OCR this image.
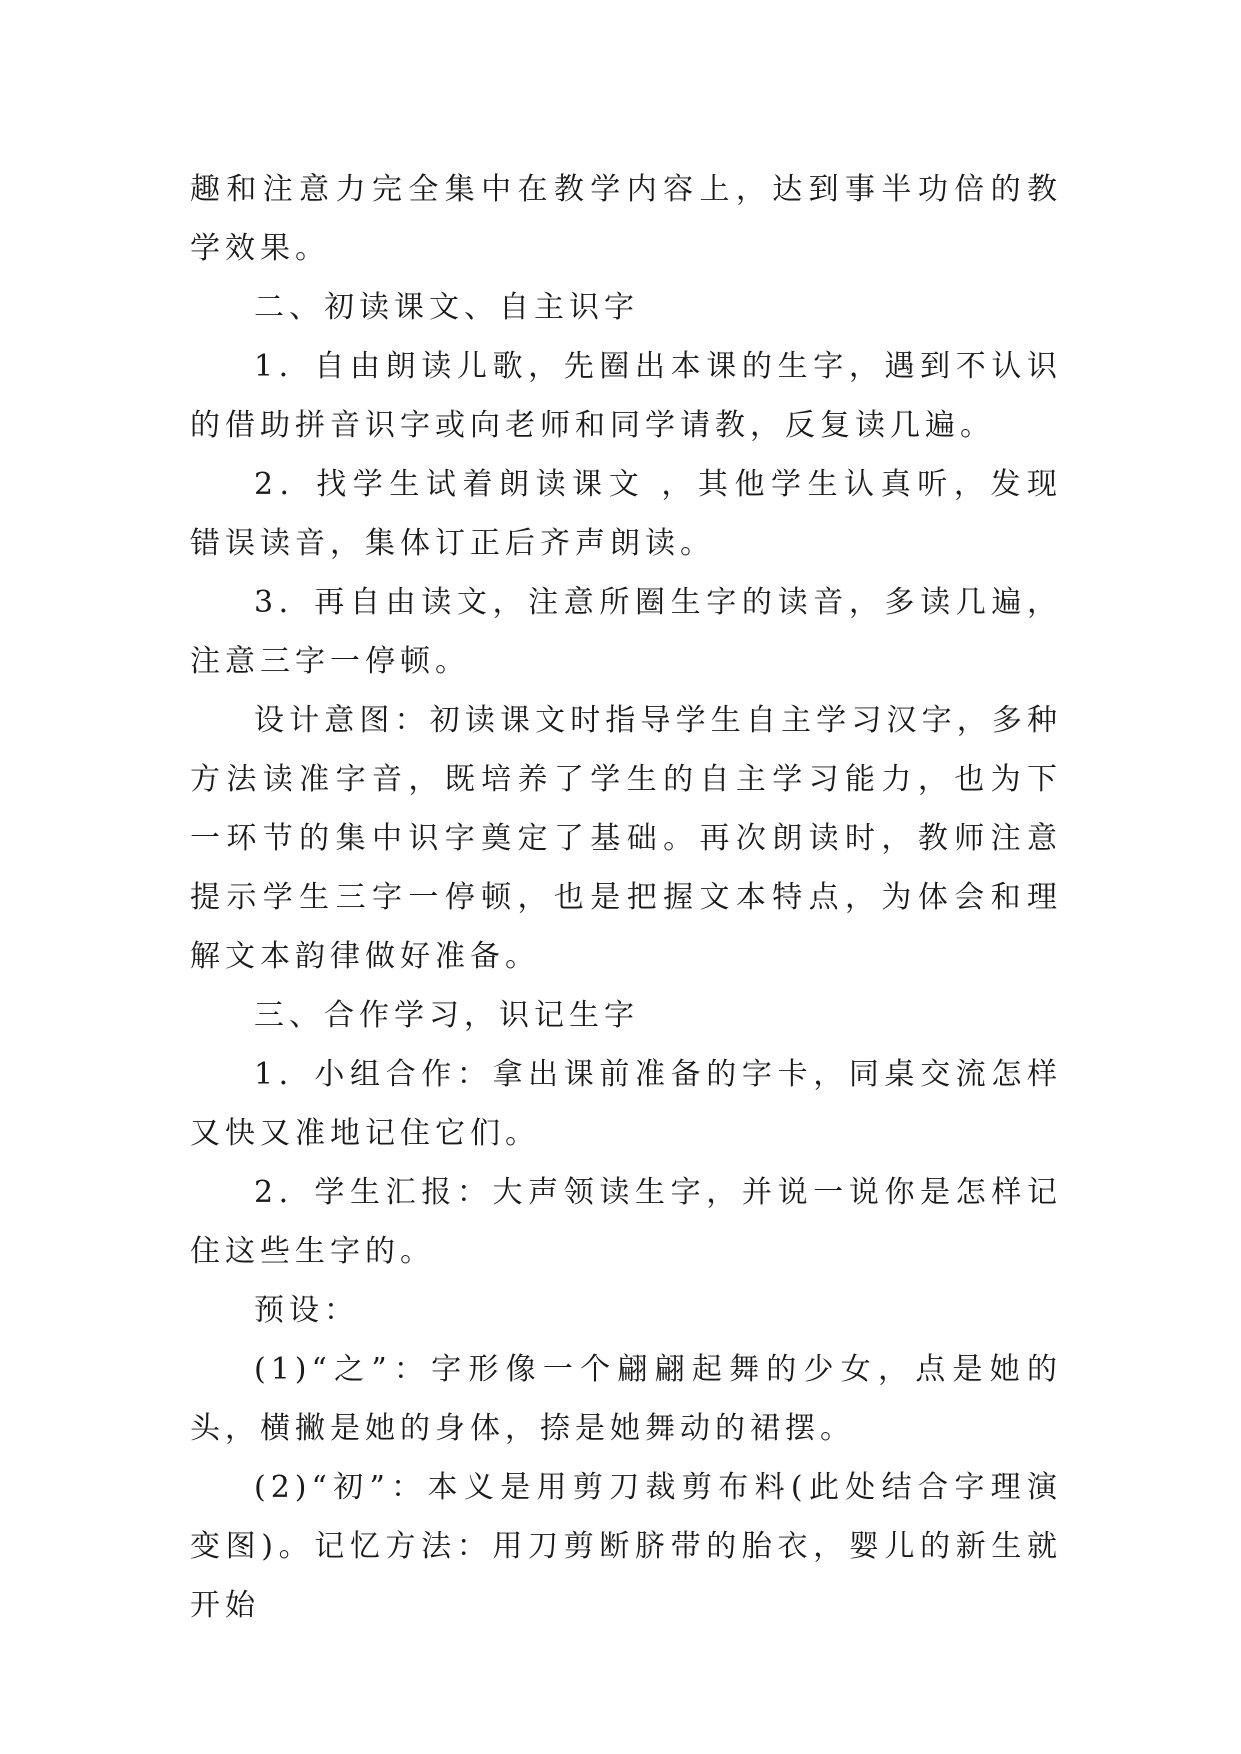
趣和注意力完全集中在教学内容上，达到事半功倍的教学效果。

二、初读课文、自主识字

1．自由朗读儿歌，先圈出本课的生字，遇到不认识的借助拼音识字或向老师和同学请教，反复读几遍。

2．找学生试着朗读课文 ，其他学生认真听，发现错误读音，集体订正后齐声朗读。

3．再自由读文，注意所圈生字的读音，多读几遍，注意三字一停顿。

设计意图：初读课文时指导学生自主学习汉字，多种方法读准字音，既培养了学生的自主学习能力，也为下一环节的集中识字奠定了基础。再次朗读时，教师注意提示学生三字一停顿，也是把握文本特点，为体会和理解文本韵律做好准备。

三、合作学习，识记生字

1．小组合作：拿出课前准备的字卡，同桌交流怎样又快又准地记住它们。

2．学生汇报：大声领读生字，并说一说你是怎样记住这些生字的。

预设：

(1)“之”：字形像一个翩翩起舞的少女，点是她的头，横撇是她的身体，捺是她舞动的裙摆。

(2)“初”：本义是用剪刀裁剪布料(此处结合字理演变图)。记忆方法：用刀剪断脐带的胎衣，婴儿的新生就开始
